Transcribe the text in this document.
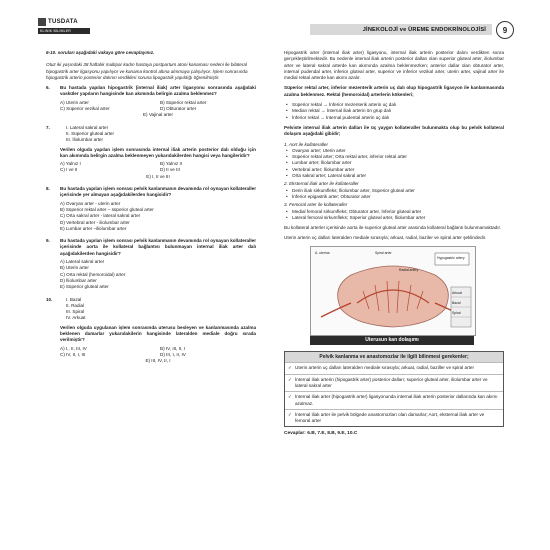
TUSDATA
KLINIK BILIMLER	JİNEKOLOJİ ve ÜREME ENDOKRİNOLOJİSİ	9
6-10. soruları aşağıdaki vakaya göre cevaplayınız.
Otuz iki yaşındaki 38 haftalık multipar kadın hastaya postpartum atoni kanaması nedeni ile bilateral hipogastrik arter ligasyonu yapılıyor ve kanama kontrol altına alınmaya çalışılıyor. İşlem sonrasında hipogastrik arterin posterior dalının verdikleri soruna lipogastrik yapıldığı öğrenilmiştir.
6.	Bu hastada yapılan hipogastrik (internal iliak) arter ligasyonu sonrasında aşağıdaki vasküler yapıların hangisinde kan akımında belirgin azalma beklenmez?
A) Uterin arter	B) Süperior rektal arter
C) Süperior vezikal arter	D) Obturator arter
E) Vajinal arter
7.	I. Lateral sakral arter
II. Süperior gluteal arter
III. İliolumbar arter
Verilen olguda yapılan işlem sonrasında internal iliak arterin posterior dalı olduğu için kan akımında belirgin azalma beklenmeyen yukarıdakilerden hangisi veya hangileridir?
A) Yalnız I	B) Yalnız II
C) I ve II	D) II ve III
E) I, II ve III
8.	Bu hastada yapılan işlem sonrası pelvik kanlanmanın devamında rol oynayan kollateraller içerisinde yer almayan aşağıdakilerden hangisidir?
A) Ovaryan arter - uterin arter
B) Süperior rektal arter – süperior gluteal arter
C) Orta sakral arter - lateral sakral arter
D) Vertebral arter - iliolumbar arter
E) Lumbar arter –iliolumbar arter
9.	Bu hastada yapılan işlem sonrası pelvik kanlanmanın devamında rol oynayan kollateraller içerisinde aorta ile kollateral bağlantısı bulunmayan internal iliak arter dalı aşağıdakilerden hangisidir?
A) Lateral sakral arter
B) Uterin arter
C) Orta rektal (hemoroidal) arter
D) İliolumbar arter
E) Süperior gluteal arter
10.	I. Bazal
II. Radial
III. Spiral
IV. Arkuat
Verilen olguda uygulanan işlem sonrasında uterusu besleyen ve kanlanmasında azalma beklenen damarlar yukarıdakilerin hangisinde lateralden mediale doğru sırada verilmiştir?
A) I., II, III, IV	B) IV, III, II, I
C) IV, II, I, III	D) III, I, II, IV
E) III, IV, II, I

Hipogastrik arter (internal iliak arter) ligasyonu, internal iliak arterin posterior dalını verdikten sonra gerçekleştirilmektedir. Bu nedenle internal iliak arterin posterior dalları olan superior gluteal arter, iliolumbar arter ve lateral sakral arterde kan akımında azalma beklenmezken; anterior dallar olan obturator arter, internal pudendal arter, inferior gluteal arter, superior ve inferior vezikal arter, uterin arter, vajinal arter ile medial rektal arterde kan akımı azalır.

Süperior rektal arter, inferior mezenterik arterin uç dalı olup hipogastrik ligasyon ile kanlanmasında azalma beklenmez. Rektal (hemoroidal) arterlerin kökenleri;

• Süperior rektal → İnferior mezenterik arterin uç dalı
• Median rektal → İnternal iliak arterin ön grup dalı
• İnferior rektal → İnternal pudental arterin uç dalı

Pelviste internal iliak arterin dalları ile üç yaygın kollateraller bulunmakta olup bu pelvik kollateral dolaşım aşağıdaki gibidir;

1. Aort ile kollateraller
• Ovaryan arter; Uterin arter
• Süperior rektal arter; Orta rektal arter, inferior rektal arter
• Lumbar arter; İliolumbar arter
• Vertebral arter; İliolumbar arter
• Orta sakral arter; Lateral sakral arter
2. Eksternal iliak arter ile kollateraller
• Derin iliak sirkumfleks; İliolumbar arter, Süperior gluteal arter
• İnferior epigastrik arter; Obturator arter
3. Femoral arter ile kollateraller
• Medial femoral sirkumfleks; Obturator arter, İnferior gluteal arter
• Lateral femoral sirkumfleks; Süperior gluteal arter, İliolumbar arter

Bu kollateral arterler içerisinde aorta ile superior gluteal arter arasında kollateral bağlantı bulunmamaktadır.

Uterin arterin uç dalları lateralden mediale sırasıyla; arkuat, radial, baziler ve spiral arter şeklindedir.

A. uterina	Spiral arter
Hypogastric artery
Radial artery
Arkuat
Bazal
Spiral
Uterusun kan dolaşımı
Pelvik kanlanma ve anastomozlar ile ilgili bilinmesi gerekenler;
✓ Uterin arterin uç dalları lateralden mediale sırasıyla; arkuat, radial, baziller ve spiral arter
✓ İnternal iliak arterin (hipogastrik arter) posterior dalları; superior gluteal arter, iliolumbar arter ve lateral sakral arter
✓ İnternal iliak arter (hipogastrik arter) ligasyonunda internal iliak arterin posterior dallarında kan akımı azalmaz.
✓ İnternal iliak arter ile pelvik bölgede anastomozları olan damarlar; Aort, eksternal iliak arter ve femoral arter
Cevaplar: 6.B, 7.E, 8.B, 9.E, 10.C
